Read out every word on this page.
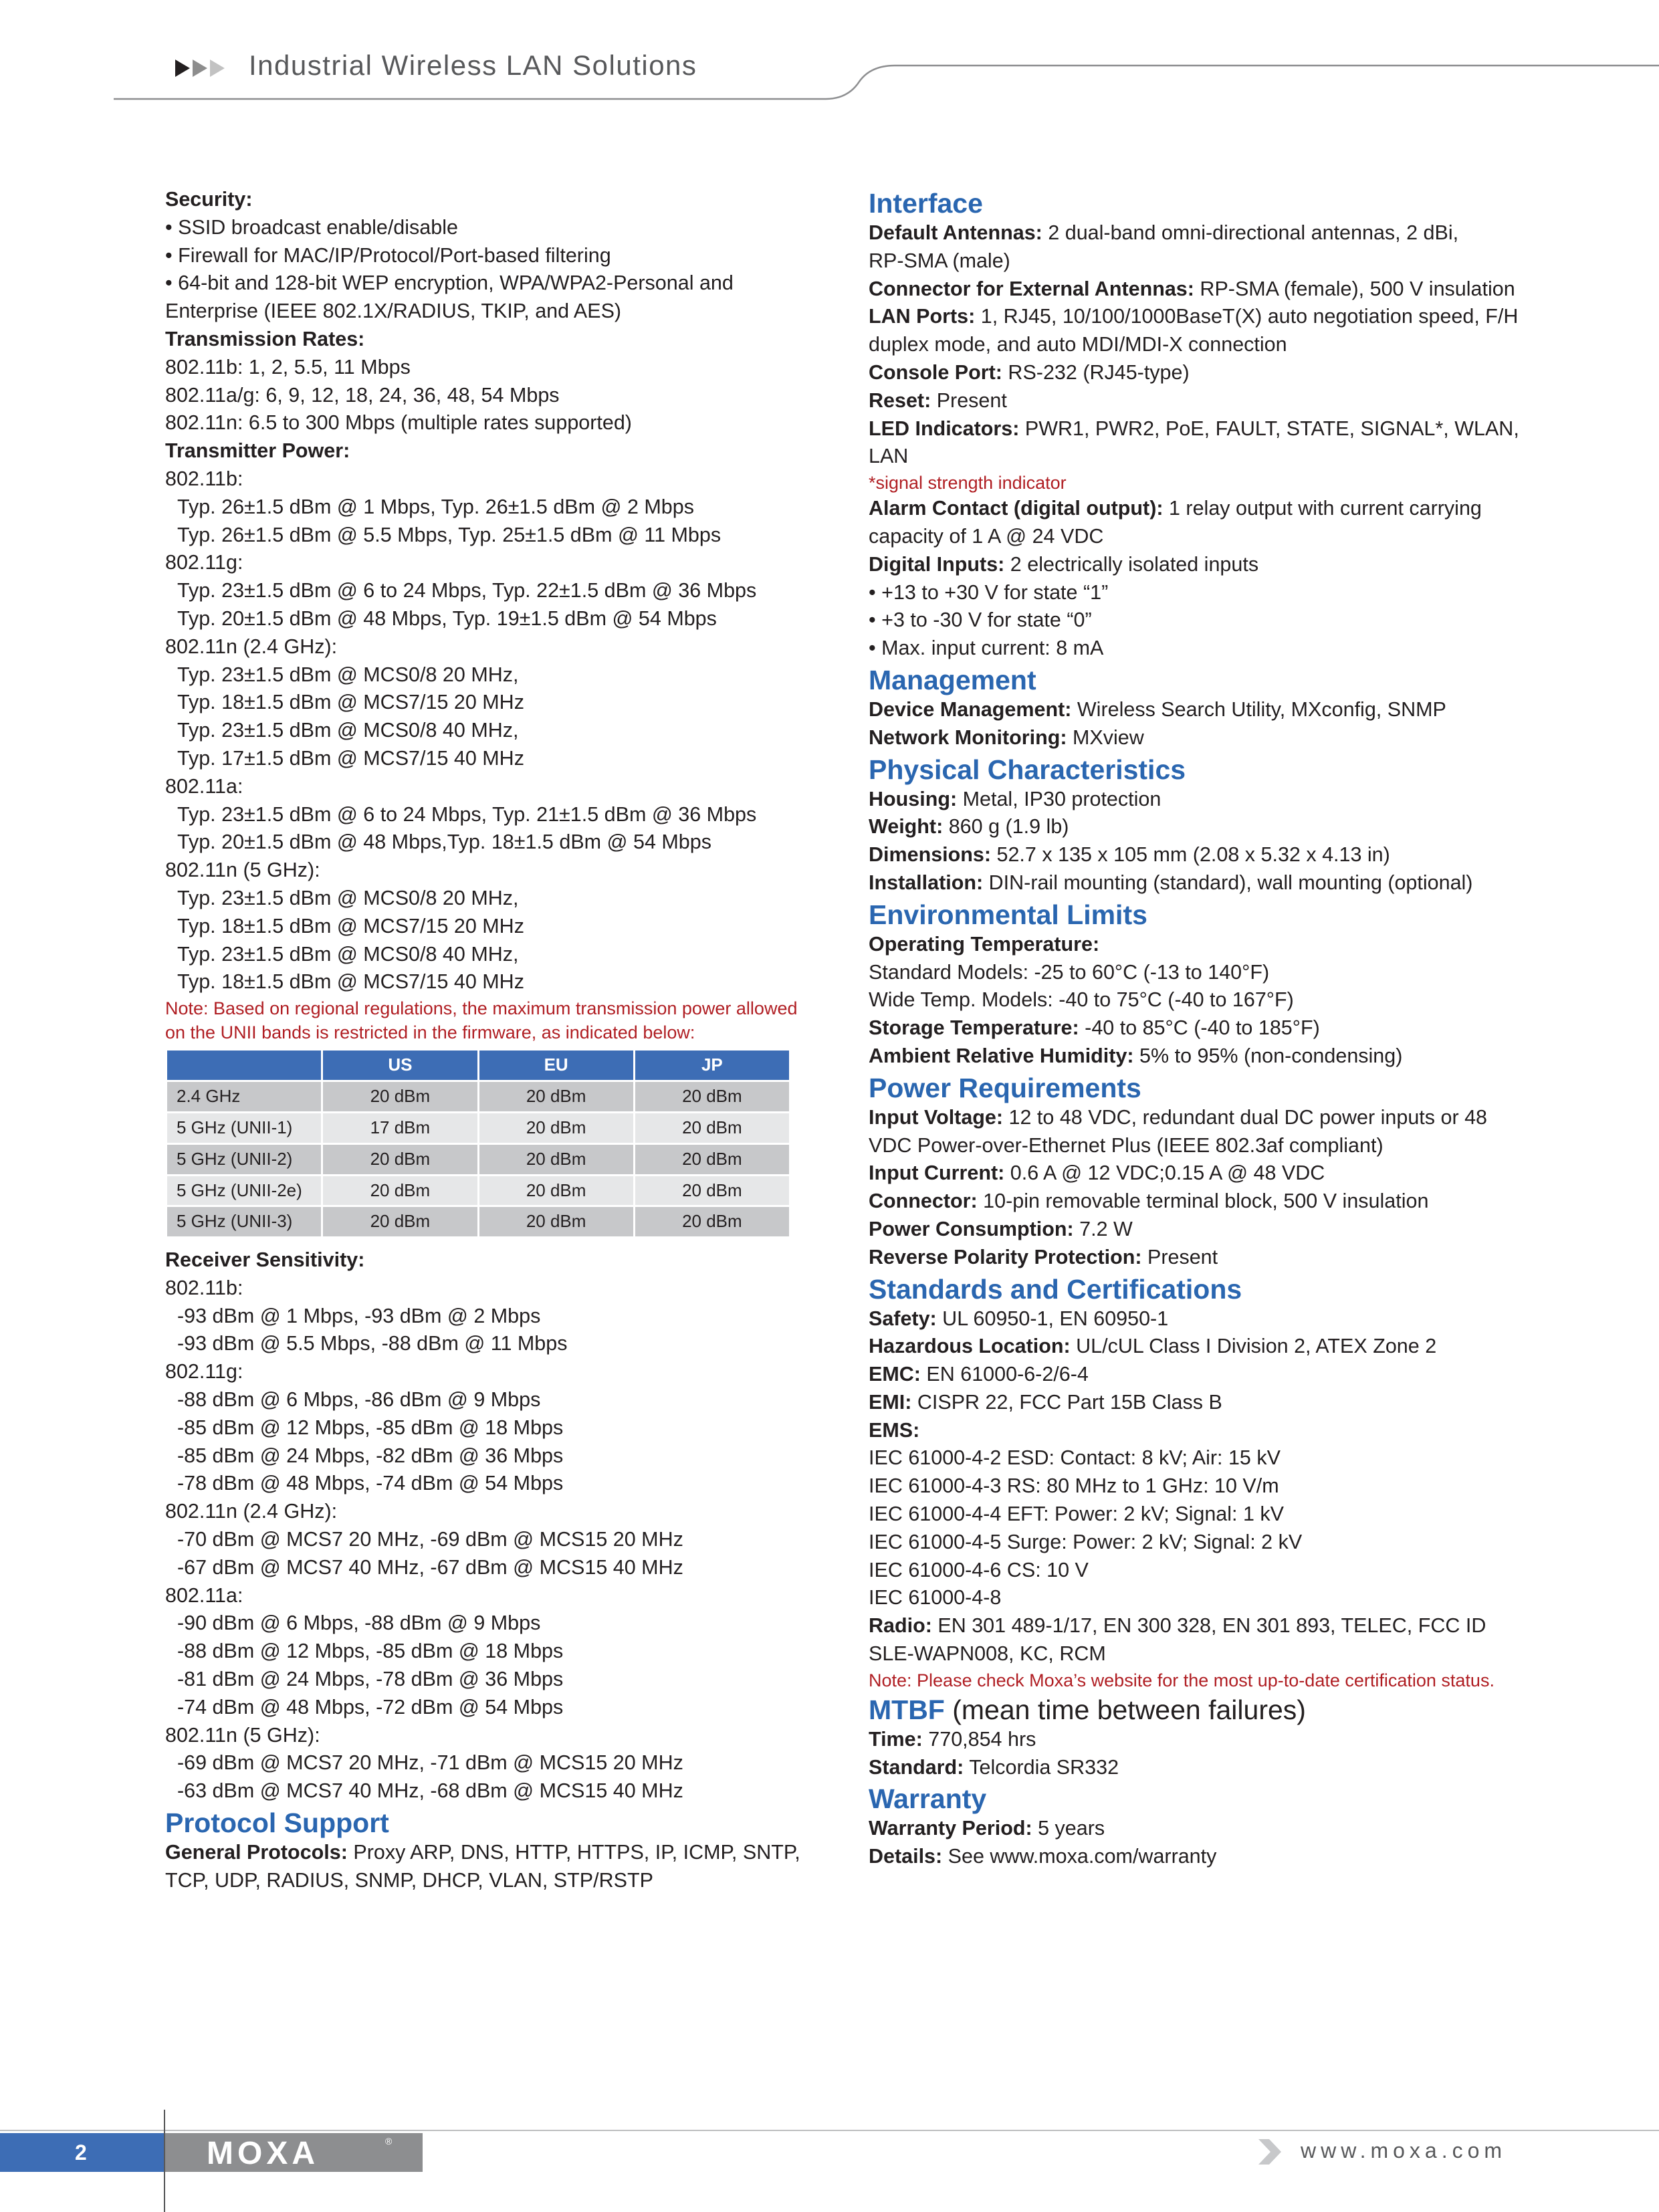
Industrial Wireless LAN Solutions
Security:
• SSID broadcast enable/disable
• Firewall for MAC/IP/Protocol/Port-based filtering
• 64-bit and 128-bit WEP encryption, WPA/WPA2-Personal and
Enterprise (IEEE 802.1X/RADIUS, TKIP, and AES)
Transmission Rates:
802.11b: 1, 2, 5.5, 11 Mbps
802.11a/g: 6, 9, 12, 18, 24, 36, 48, 54 Mbps
802.11n: 6.5 to 300 Mbps (multiple rates supported)
Transmitter Power:
802.11b:
Typ. 26±1.5 dBm @ 1 Mbps, Typ. 26±1.5 dBm @ 2 Mbps
Typ. 26±1.5 dBm @ 5.5 Mbps, Typ. 25±1.5 dBm @ 11 Mbps
802.11g:
Typ. 23±1.5 dBm @ 6 to 24 Mbps, Typ. 22±1.5 dBm @ 36 Mbps
Typ. 20±1.5 dBm @ 48 Mbps, Typ. 19±1.5 dBm @ 54 Mbps
802.11n (2.4 GHz):
Typ. 23±1.5 dBm @ MCS0/8 20 MHz,
Typ. 18±1.5 dBm @ MCS7/15 20 MHz
Typ. 23±1.5 dBm @ MCS0/8 40 MHz,
Typ. 17±1.5 dBm @ MCS7/15 40 MHz
802.11a:
Typ. 23±1.5 dBm @ 6 to 24 Mbps, Typ. 21±1.5 dBm @ 36 Mbps
Typ. 20±1.5 dBm @ 48 Mbps,Typ. 18±1.5 dBm @ 54 Mbps
802.11n (5 GHz):
Typ. 23±1.5 dBm @ MCS0/8 20 MHz,
Typ. 18±1.5 dBm @ MCS7/15 20 MHz
Typ. 23±1.5 dBm @ MCS0/8 40 MHz,
Typ. 18±1.5 dBm @ MCS7/15 40 MHz
Note: Based on regional regulations, the maximum transmission power allowed
on the UNII bands is restricted in the firmware, as indicated below:
	US	EU	JP
2.4 GHz	20 dBm	20 dBm	20 dBm
5 GHz (UNII-1)	17 dBm	20 dBm	20 dBm
5 GHz (UNII-2)	20 dBm	20 dBm	20 dBm
5 GHz (UNII-2e)	20 dBm	20 dBm	20 dBm
5 GHz (UNII-3)	20 dBm	20 dBm	20 dBm
Receiver Sensitivity:
802.11b:
-93 dBm @ 1 Mbps, -93 dBm @ 2 Mbps
-93 dBm @ 5.5 Mbps, -88 dBm @ 11 Mbps
802.11g:
-88 dBm @ 6 Mbps, -86 dBm @ 9 Mbps
-85 dBm @ 12 Mbps, -85 dBm @ 18 Mbps
-85 dBm @ 24 Mbps, -82 dBm @ 36 Mbps
-78 dBm @ 48 Mbps, -74 dBm @ 54 Mbps
802.11n (2.4 GHz):
-70 dBm @ MCS7 20 MHz, -69 dBm @ MCS15 20 MHz
-67 dBm @ MCS7 40 MHz, -67 dBm @ MCS15 40 MHz
802.11a:
-90 dBm @ 6 Mbps, -88 dBm @ 9 Mbps
-88 dBm @ 12 Mbps, -85 dBm @ 18 Mbps
-81 dBm @ 24 Mbps, -78 dBm @ 36 Mbps
-74 dBm @ 48 Mbps, -72 dBm @ 54 Mbps
802.11n (5 GHz):
-69 dBm @ MCS7 20 MHz, -71 dBm @ MCS15 20 MHz
-63 dBm @ MCS7 40 MHz, -68 dBm @ MCS15 40 MHz
Protocol Support
General Protocols: Proxy ARP, DNS, HTTP, HTTPS, IP, ICMP, SNTP,
TCP, UDP, RADIUS, SNMP, DHCP, VLAN, STP/RSTP
Interface
Default Antennas: 2 dual-band omni-directional antennas, 2 dBi,
RP-SMA (male)
Connector for External Antennas: RP-SMA (female), 500 V insulation
LAN Ports: 1, RJ45, 10/100/1000BaseT(X) auto negotiation speed, F/H
duplex mode, and auto MDI/MDI-X connection
Console Port: RS-232 (RJ45-type)
Reset: Present
LED Indicators: PWR1, PWR2, PoE, FAULT, STATE, SIGNAL*, WLAN,
LAN
*signal strength indicator
Alarm Contact (digital output): 1 relay output with current carrying
capacity of 1 A @ 24 VDC
Digital Inputs: 2 electrically isolated inputs
• +13 to +30 V for state “1”
• +3 to -30 V for state “0”
• Max. input current: 8 mA
Management
Device Management: Wireless Search Utility, MXconfig, SNMP
Network Monitoring: MXview
Physical Characteristics
Housing: Metal, IP30 protection
Weight: 860 g (1.9 lb)
Dimensions: 52.7 x 135 x 105 mm (2.08 x 5.32 x 4.13 in)
Installation: DIN-rail mounting (standard), wall mounting (optional)
Environmental Limits
Operating Temperature:
Standard Models: -25 to 60°C (-13 to 140°F)
Wide Temp. Models: -40 to 75°C (-40 to 167°F)
Storage Temperature: -40 to 85°C (-40 to 185°F)
Ambient Relative Humidity: 5% to 95% (non-condensing)
Power Requirements
Input Voltage: 12 to 48 VDC, redundant dual DC power inputs or 48
VDC Power-over-Ethernet Plus (IEEE 802.3af compliant)
Input Current: 0.6 A @ 12 VDC;0.15 A @ 48 VDC
Connector: 10-pin removable terminal block, 500 V insulation
Power Consumption: 7.2 W
Reverse Polarity Protection: Present
Standards and Certifications
Safety: UL 60950-1, EN 60950-1
Hazardous Location: UL/cUL Class I Division 2, ATEX Zone 2
EMC: EN 61000-6-2/6-4
EMI: CISPR 22, FCC Part 15B Class B
EMS:
IEC 61000-4-2 ESD: Contact: 8 kV; Air: 15 kV
IEC 61000-4-3 RS: 80 MHz to 1 GHz: 10 V/m
IEC 61000-4-4 EFT: Power: 2 kV; Signal: 1 kV
IEC 61000-4-5 Surge: Power: 2 kV; Signal: 2 kV
IEC 61000-4-6 CS: 10 V
IEC 61000-4-8
Radio: EN 301 489-1/17, EN 300 328, EN 301 893, TELEC, FCC ID
SLE-WAPN008, KC, RCM
Note: Please check Moxa’s website for the most up-to-date certification status.
MTBF (mean time between failures)
Time: 770,854 hrs
Standard: Telcordia SR332
Warranty
Warranty Period: 5 years
Details: See www.moxa.com/warranty
2	MOXA	®	www.moxa.com
